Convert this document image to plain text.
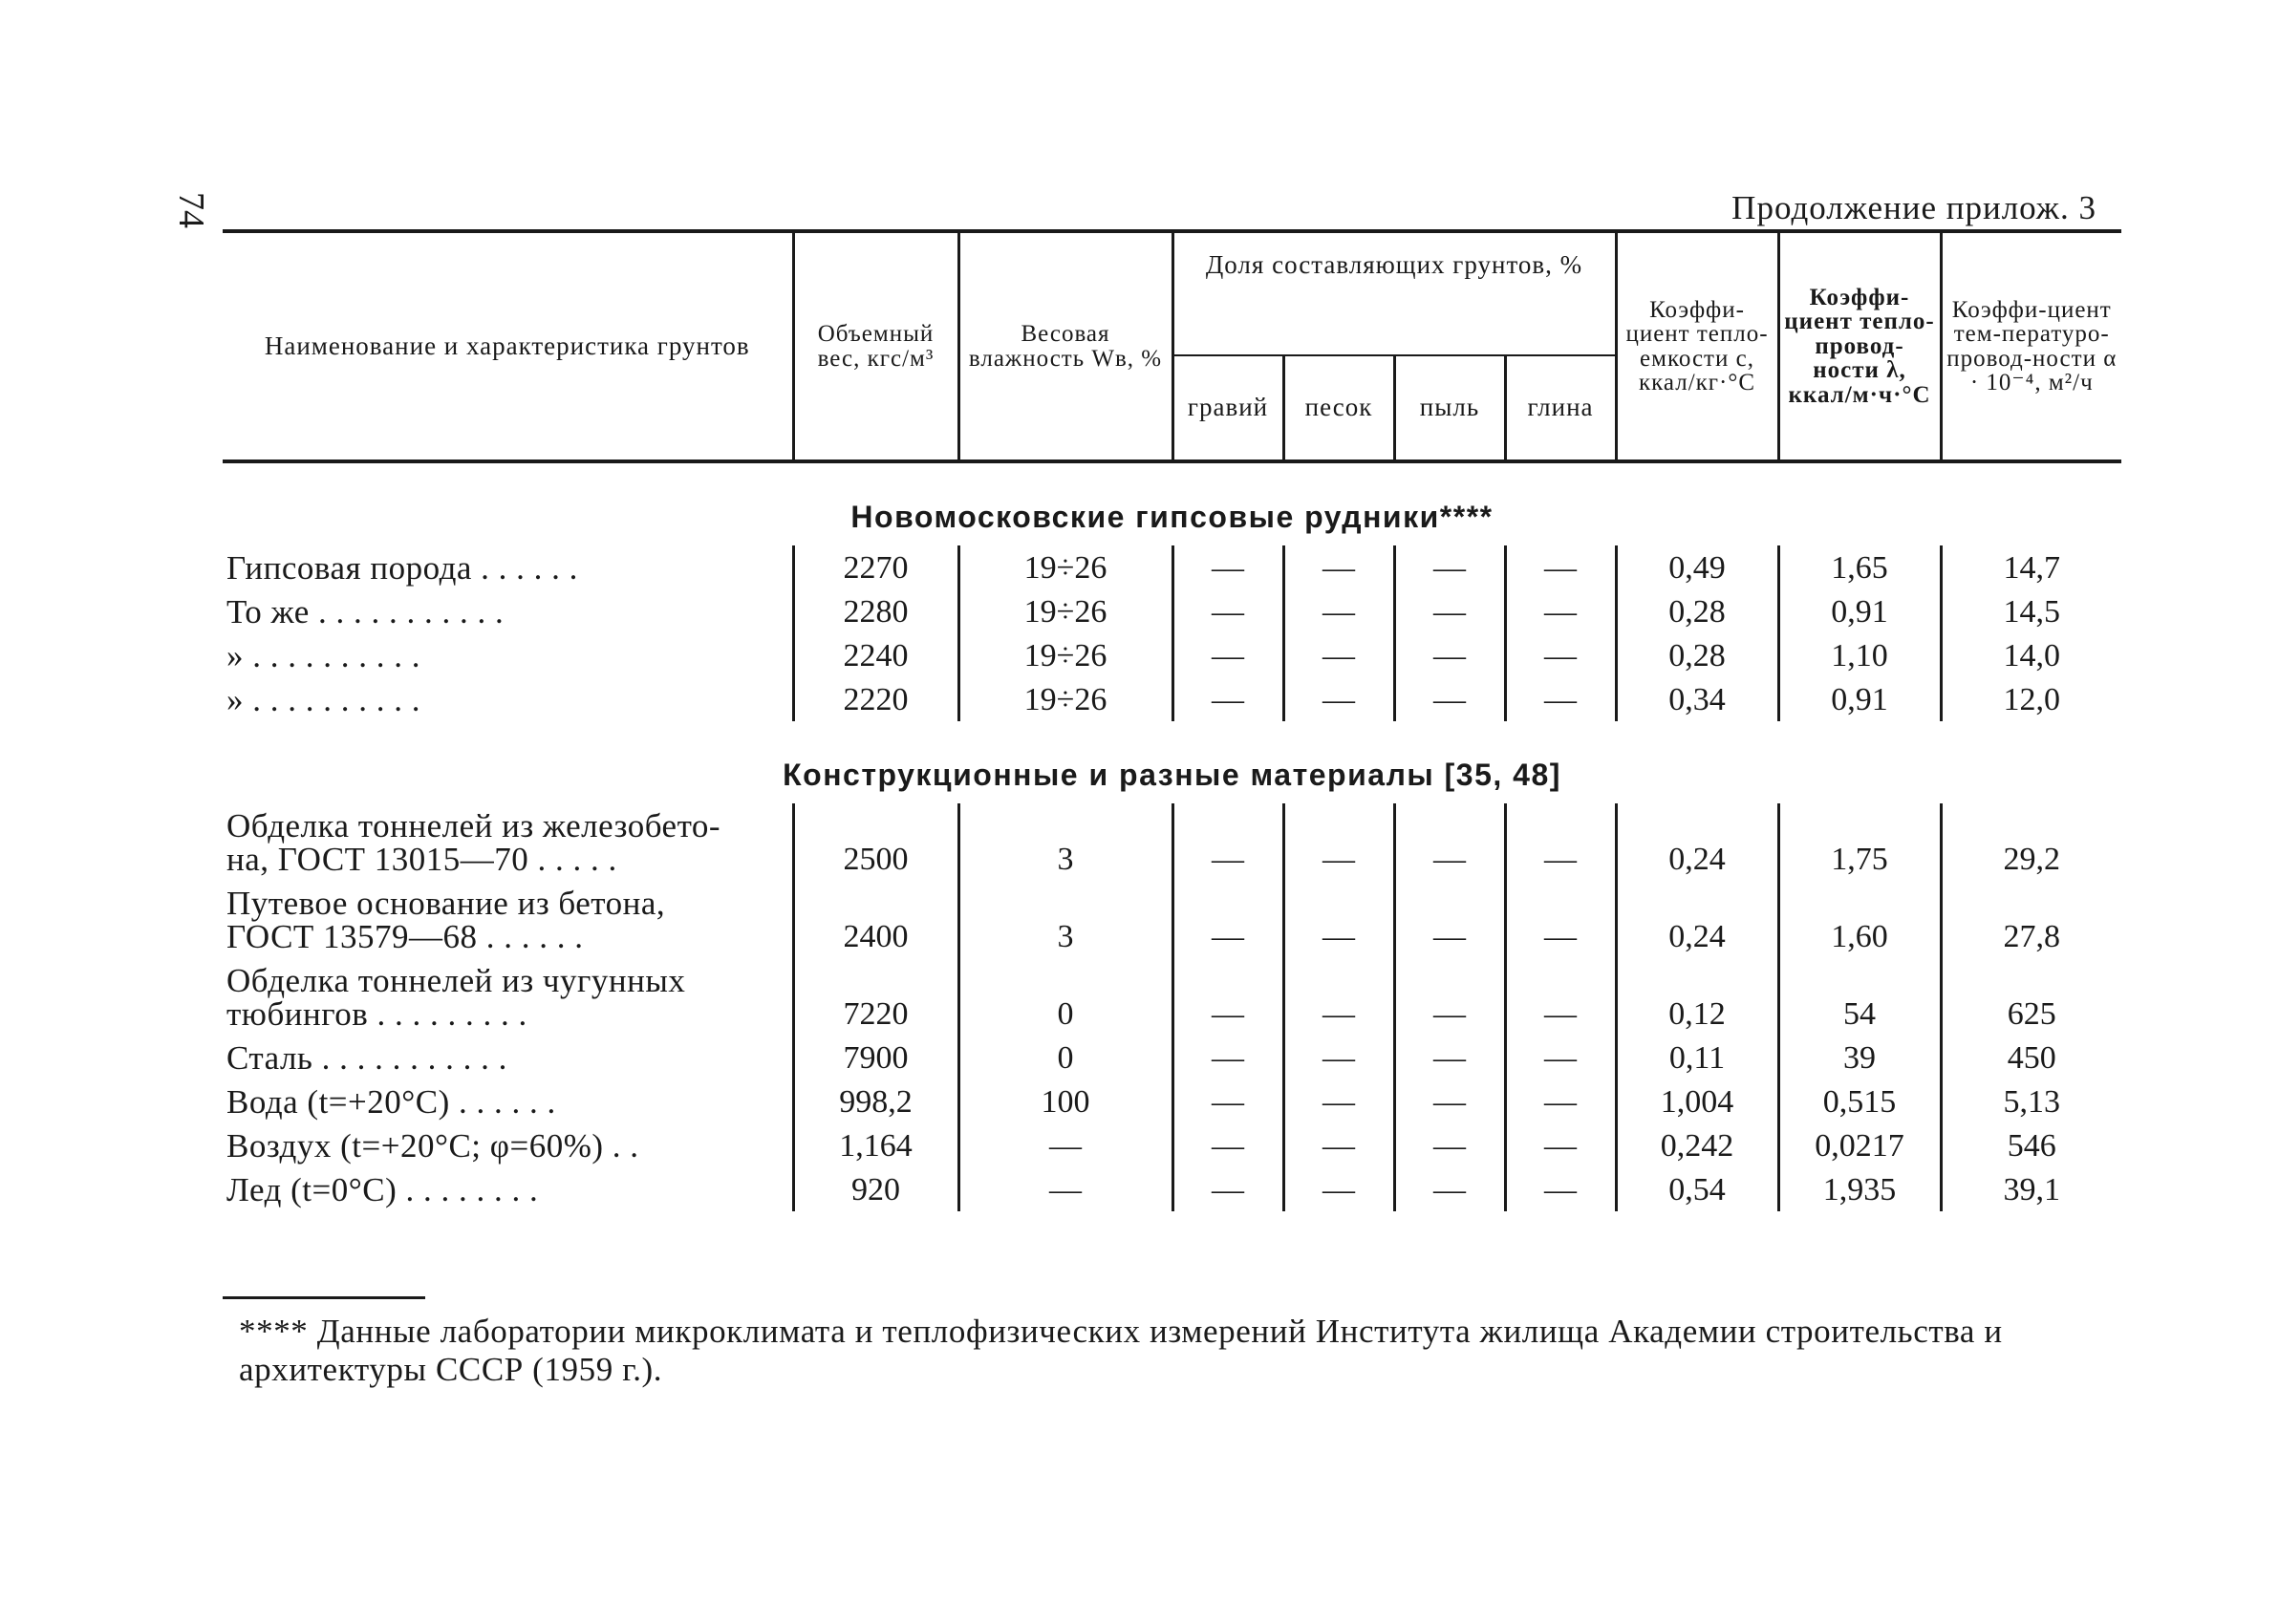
74	Продолжение прилож. 3
Наименование и характеристика грунтов	Объемный вес, кгс/м³	Весовая влажность Wв, %	Доля составляющих грунтов, %				Коэффи-циент тепло-емкости c, ккал/кг·°С	Коэффи-циент тепло-провод-ности λ, ккал/м·ч·°С	Коэффи-циент тем-пературо-провод-ности α · 10⁻⁴, м²/ч
			гравий	песок	пыль	глина			
Новомосковские гипсовые рудники****									

Гипсовая порода . . . . . .	2270	19÷26	—	—	—	—	0,49	1,65	14,7

То же . . . . . . . . . . .	2280	19÷26	—	—	—	—	0,28	0,91	14,5

» . . . . . . . . . .	2240	19÷26	—	—	—	—	0,28	1,10	14,0

» . . . . . . . . . .	2220	19÷26	—	—	—	—	0,34	0,91	12,0
Конструкционные и разные материалы [35, 48]									

Обделка тоннелей из железобето-
на, ГОСТ 13015—70 . . . . .	2500	3	—	—	—	—	0,24	1,75	29,2

Путевое основание из бетона,
ГОСТ 13579—68 . . . . . .	2400	3	—	—	—	—	0,24	1,60	27,8

Обделка тоннелей из чугунных
тюбингов . . . . . . . . .	7220	0	—	—	—	—	0,12	54	625

Сталь . . . . . . . . . . .	7900	0	—	—	—	—	0,11	39	450

Вода (t=+20°С) . . . . . .	998,2	100	—	—	—	—	1,004	0,515	5,13

Воздух (t=+20°С; φ=60%) . .	1,164	—	—	—	—	—	0,242	0,0217	546

Лед (t=0°С) . . . . . . . .	920	—	—	—	—	—	0,54	1,935	39,1
**** Данные лаборатории микроклимата и теплофизических измерений Института жилища Академии строительства и архитектуры СССР (1959 г.).
